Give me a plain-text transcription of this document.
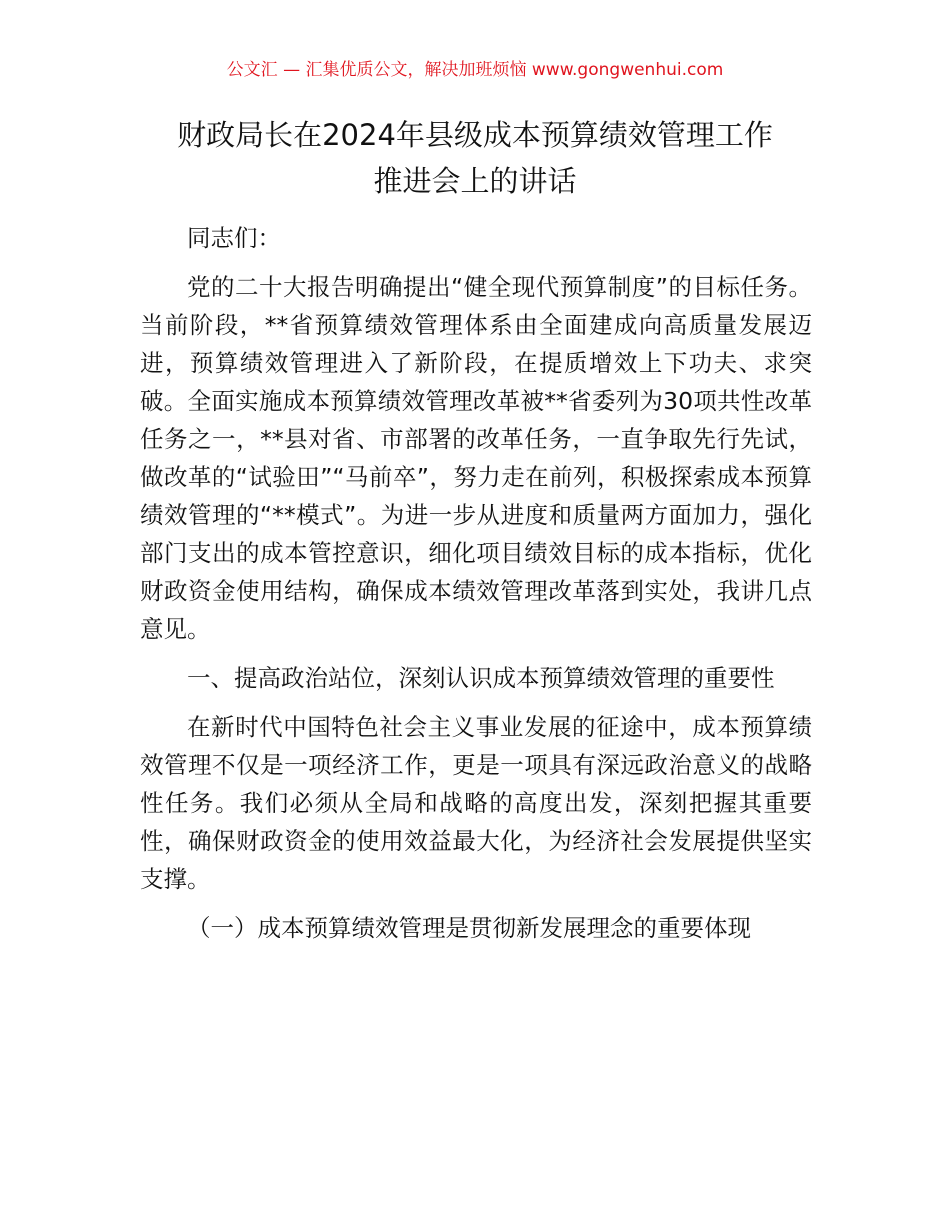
公文汇 — 汇集优质公文，解决加班烦恼 www.gongwenhui.com
财政局长在2024年县级成本预算绩效管理工作
推进会上的讲话

同志们：

党的二十大报告明确提出“健全现代预算制度”的目标任务。当前阶段，**省预算绩效管理体系由全面建成向高质量发展迈进，预算绩效管理进入了新阶段，在提质增效上下功夫、求突破。全面实施成本预算绩效管理改革被**省委列为30项共性改革任务之一，**县对省、市部署的改革任务，一直争取先行先试，做改革的“试验田”“马前卒”，努力走在前列，积极探索成本预算绩效管理的“**模式”。为进一步从进度和质量两方面加力，强化部门支出的成本管控意识，细化项目绩效目标的成本指标，优化财政资金使用结构，确保成本绩效管理改革落到实处，我讲几点意见。

一、提高政治站位，深刻认识成本预算绩效管理的重要性

在新时代中国特色社会主义事业发展的征途中，成本预算绩效管理不仅是一项经济工作，更是一项具有深远政治意义的战略性任务。我们必须从全局和战略的高度出发，深刻把握其重要性，确保财政资金的使用效益最大化，为经济社会发展提供坚实支撑。

（一）成本预算绩效管理是贯彻新发展理念的重要体现
